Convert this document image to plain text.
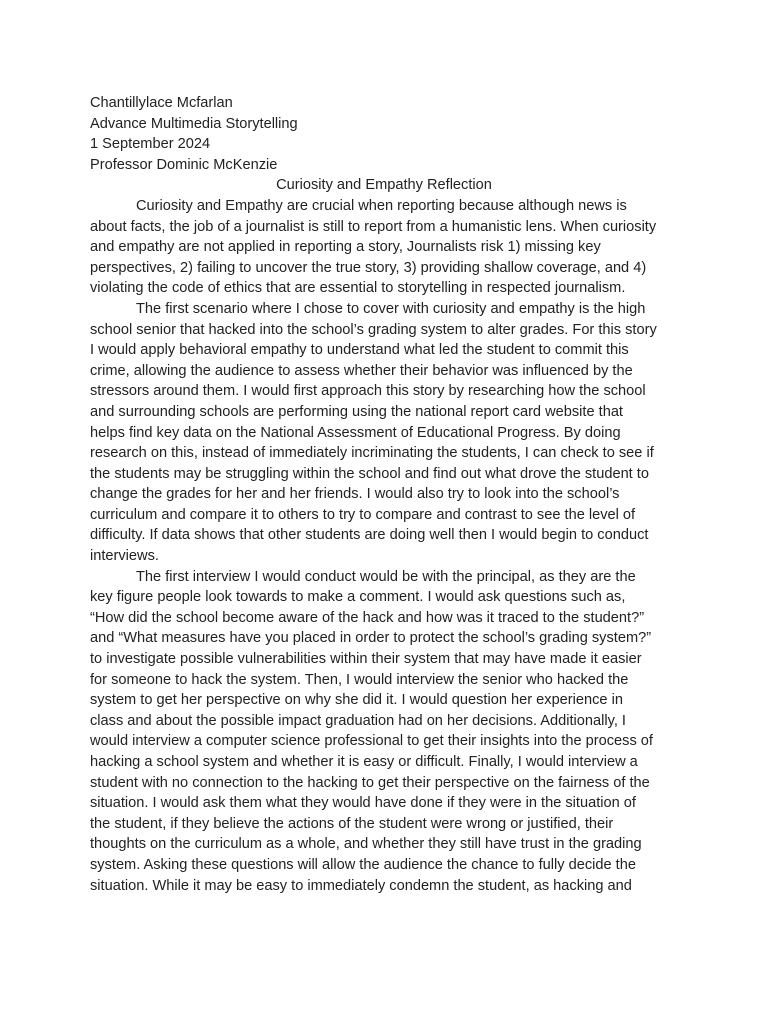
Chantillylace Mcfarlan
Advance Multimedia Storytelling
1 September 2024
Professor Dominic McKenzie
Curiosity and Empathy Reflection

Curiosity and Empathy are crucial when reporting because although news is
about facts, the job of a journalist is still to report from a humanistic lens. When curiosity
and empathy are not applied in reporting a story, Journalists risk 1) missing key
perspectives, 2) failing to uncover the true story, 3) providing shallow coverage, and 4)
violating the code of ethics that are essential to storytelling in respected journalism.

The first scenario where I chose to cover with curiosity and empathy is the high
school senior that hacked into the school’s grading system to alter grades. For this story
I would apply behavioral empathy to understand what led the student to commit this
crime, allowing the audience to assess whether their behavior was influenced by the
stressors around them. I would first approach this story by researching how the school
and surrounding schools are performing using the national report card website that
helps find key data on the National Assessment of Educational Progress. By doing
research on this, instead of immediately incriminating the students, I can check to see if
the students may be struggling within the school and find out what drove the student to
change the grades for her and her friends. I would also try to look into the school’s
curriculum and compare it to others to try to compare and contrast to see the level of
difficulty. If data shows that other students are doing well then I would begin to conduct
interviews.

The first interview I would conduct would be with the principal, as they are the
key figure people look towards to make a comment. I would ask questions such as,
“How did the school become aware of the hack and how was it traced to the student?”
and “What measures have you placed in order to protect the school’s grading system?”
to investigate possible vulnerabilities within their system that may have made it easier
for someone to hack the system. Then, I would interview the senior who hacked the
system to get her perspective on why she did it. I would question her experience in
class and about the possible impact graduation had on her decisions. Additionally, I
would interview a computer science professional to get their insights into the process of
hacking a school system and whether it is easy or difficult. Finally, I would interview a
student with no connection to the hacking to get their perspective on the fairness of the
situation. I would ask them what they would have done if they were in the situation of
the student, if they believe the actions of the student were wrong or justified, their
thoughts on the curriculum as a whole, and whether they still have trust in the grading
system. Asking these questions will allow the audience the chance to fully decide the
situation. While it may be easy to immediately condemn the student, as hacking and
